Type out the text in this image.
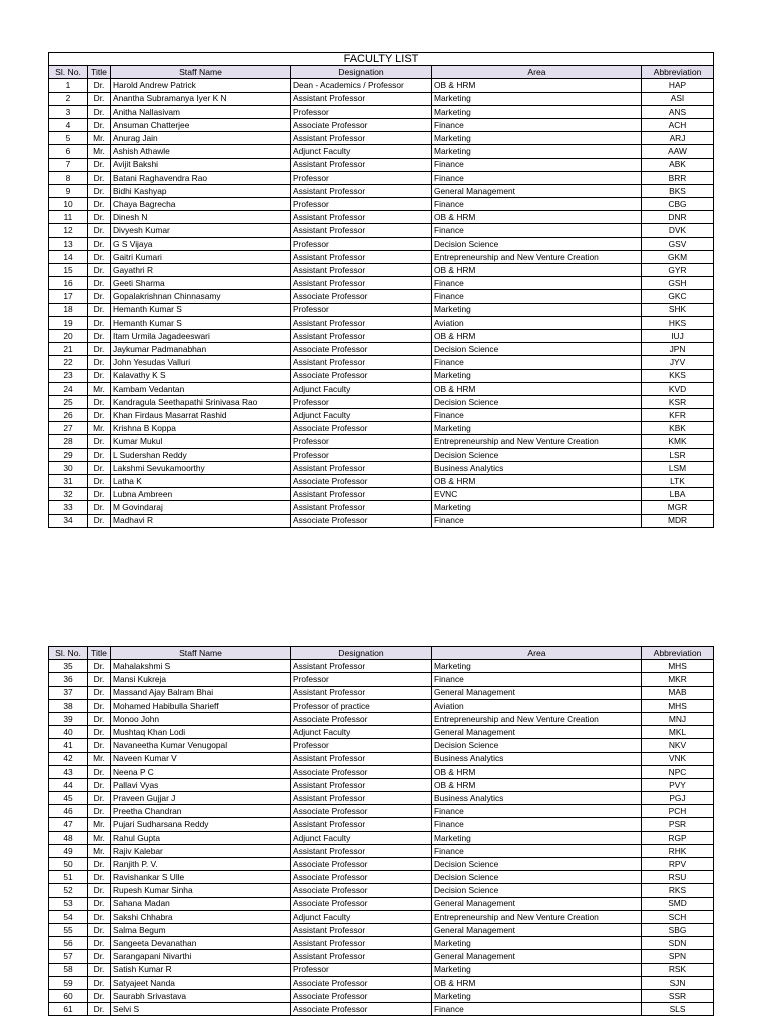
FACULTY LIST					
Sl. No.	Title	Staff Name	Designation	Area	Abbreviation
1	Dr.	Harold Andrew Patrick	Dean - Academics / Professor	OB & HRM	HAP
2	Dr.	Anantha Subramanya Iyer K N	Assistant Professor	Marketing	ASI
3	Dr.	Anitha Nallasivam	Professor	Marketing	ANS
4	Dr.	Ansuman Chatterjee	Associate Professor	Finance	ACH
5	Mr.	Anurag Jain	Assistant Professor	Marketing	ARJ
6	Mr.	Ashish Athawle	Adjunct Faculty	Marketing	AAW
7	Dr.	Avijit Bakshi	Assistant Professor	Finance	ABK
8	Dr.	Batani Raghavendra Rao	Professor	Finance	BRR
9	Dr.	Bidhi Kashyap	Assistant Professor	General Management	BKS
10	Dr.	Chaya Bagrecha	Professor	Finance	CBG
11	Dr.	Dinesh N	Assistant Professor	OB & HRM	DNR
12	Dr.	Divyesh Kumar	Assistant Professor	Finance	DVK
13	Dr.	G S Vijaya	Professor	Decision Science	GSV
14	Dr.	Gaitri Kumari	Assistant Professor	Entrepreneurship and New Venture Creation	GKM
15	Dr.	Gayathri R	Assistant Professor	OB & HRM	GYR
16	Dr.	Geeti Sharma	Assistant Professor	Finance	GSH
17	Dr.	Gopalakrishnan Chinnasamy	Associate Professor	Finance	GKC
18	Dr.	Hemanth Kumar S	Professor	Marketing	SHK
19	Dr.	Hemanth Kumar S	Assistant Professor	Aviation	HKS
20	Dr.	Itam Urmila Jagadeeswari	Assistant Professor	OB & HRM	IUJ
21	Dr.	Jaykumar Padmanabhan	Associate Professor	Decision Science	JPN
22	Dr.	John Yesudas Valluri	Assistant Professor	Finance	JYV
23	Dr.	Kalavathy K S	Associate Professor	Marketing	KKS
24	Mr.	Kambam Vedantan	Adjunct Faculty	OB & HRM	KVD
25	Dr.	Kandragula Seethapathi Srinivasa Rao	Professor	Decision Science	KSR
26	Dr.	Khan Firdaus Masarrat Rashid	Adjunct Faculty	Finance	KFR
27	Mr.	Krishna B Koppa	Associate Professor	Marketing	KBK
28	Dr.	Kumar Mukul	Professor	Entrepreneurship and New Venture Creation	KMK
29	Dr.	L Sudershan Reddy	Professor	Decision Science	LSR
30	Dr.	Lakshmi Sevukamoorthy	Assistant Professor	Business Analytics	LSM
31	Dr.	Latha K	Associate Professor	OB & HRM	LTK
32	Dr.	Lubna Ambreen	Assistant Professor	EVNC	LBA
33	Dr.	M Govindaraj	Assistant Professor	Marketing	MGR
34	Dr.	Madhavi R	Associate Professor	Finance	MDR
Sl. No.	Title	Staff Name	Designation	Area	Abbreviation
35	Dr.	Mahalakshmi S	Assistant Professor	Marketing	MHS
36	Dr.	Mansi Kukreja	Professor	Finance	MKR
37	Dr.	Massand Ajay Balram Bhai	Assistant Professor	General Management	MAB
38	Dr.	Mohamed Habibulla Sharieff	Professor of practice	Aviation	MHS
39	Dr.	Monoo John	Associate Professor	Entrepreneurship and New Venture Creation	MNJ
40	Dr.	Mushtaq Khan Lodi	Adjunct Faculty	General Management	MKL
41	Dr.	Navaneetha Kumar Venugopal	Professor	Decision Science	NKV
42	Mr.	Naveen Kumar V	Assistant Professor	Business Analytics	VNK
43	Dr.	Neena P C	Associate Professor	OB & HRM	NPC
44	Dr.	Pallavi Vyas	Assistant Professor	OB & HRM	PVY
45	Dr.	Praveen Gujjar J	Assistant Professor	Business Analytics	PGJ
46	Dr.	Preetha Chandran	Associate Professor	Finance	PCH
47	Mr.	Pujari Sudharsana Reddy	Assistant Professor	Finance	PSR
48	Mr.	Rahul Gupta	Adjunct Faculty	Marketing	RGP
49	Mr.	Rajiv Kalebar	Assistant Professor	Finance	RHK
50	Dr.	Ranjith P. V.	Associate Professor	Decision Science	RPV
51	Dr.	Ravishankar S Ulle	Associate Professor	Decision Science	RSU
52	Dr.	Rupesh Kumar Sinha	Associate Professor	Decision Science	RKS
53	Dr.	Sahana Madan	Associate Professor	General Management	SMD
54	Dr.	Sakshi Chhabra	Adjunct Faculty	Entrepreneurship and New Venture Creation	SCH
55	Dr.	Salma Begum	Assistant Professor	General Management	SBG
56	Dr.	Sangeeta Devanathan	Assistant Professor	Marketing	SDN
57	Dr.	Sarangapani Nivarthi	Assistant Professor	General Management	SPN
58	Dr.	Satish Kumar R	Professor	Marketing	RSK
59	Dr.	Satyajeet Nanda	Associate Professor	OB & HRM	SJN
60	Dr.	Saurabh Srivastava	Associate Professor	Marketing	SSR
61	Dr.	Selvi S	Associate Professor	Finance	SLS
